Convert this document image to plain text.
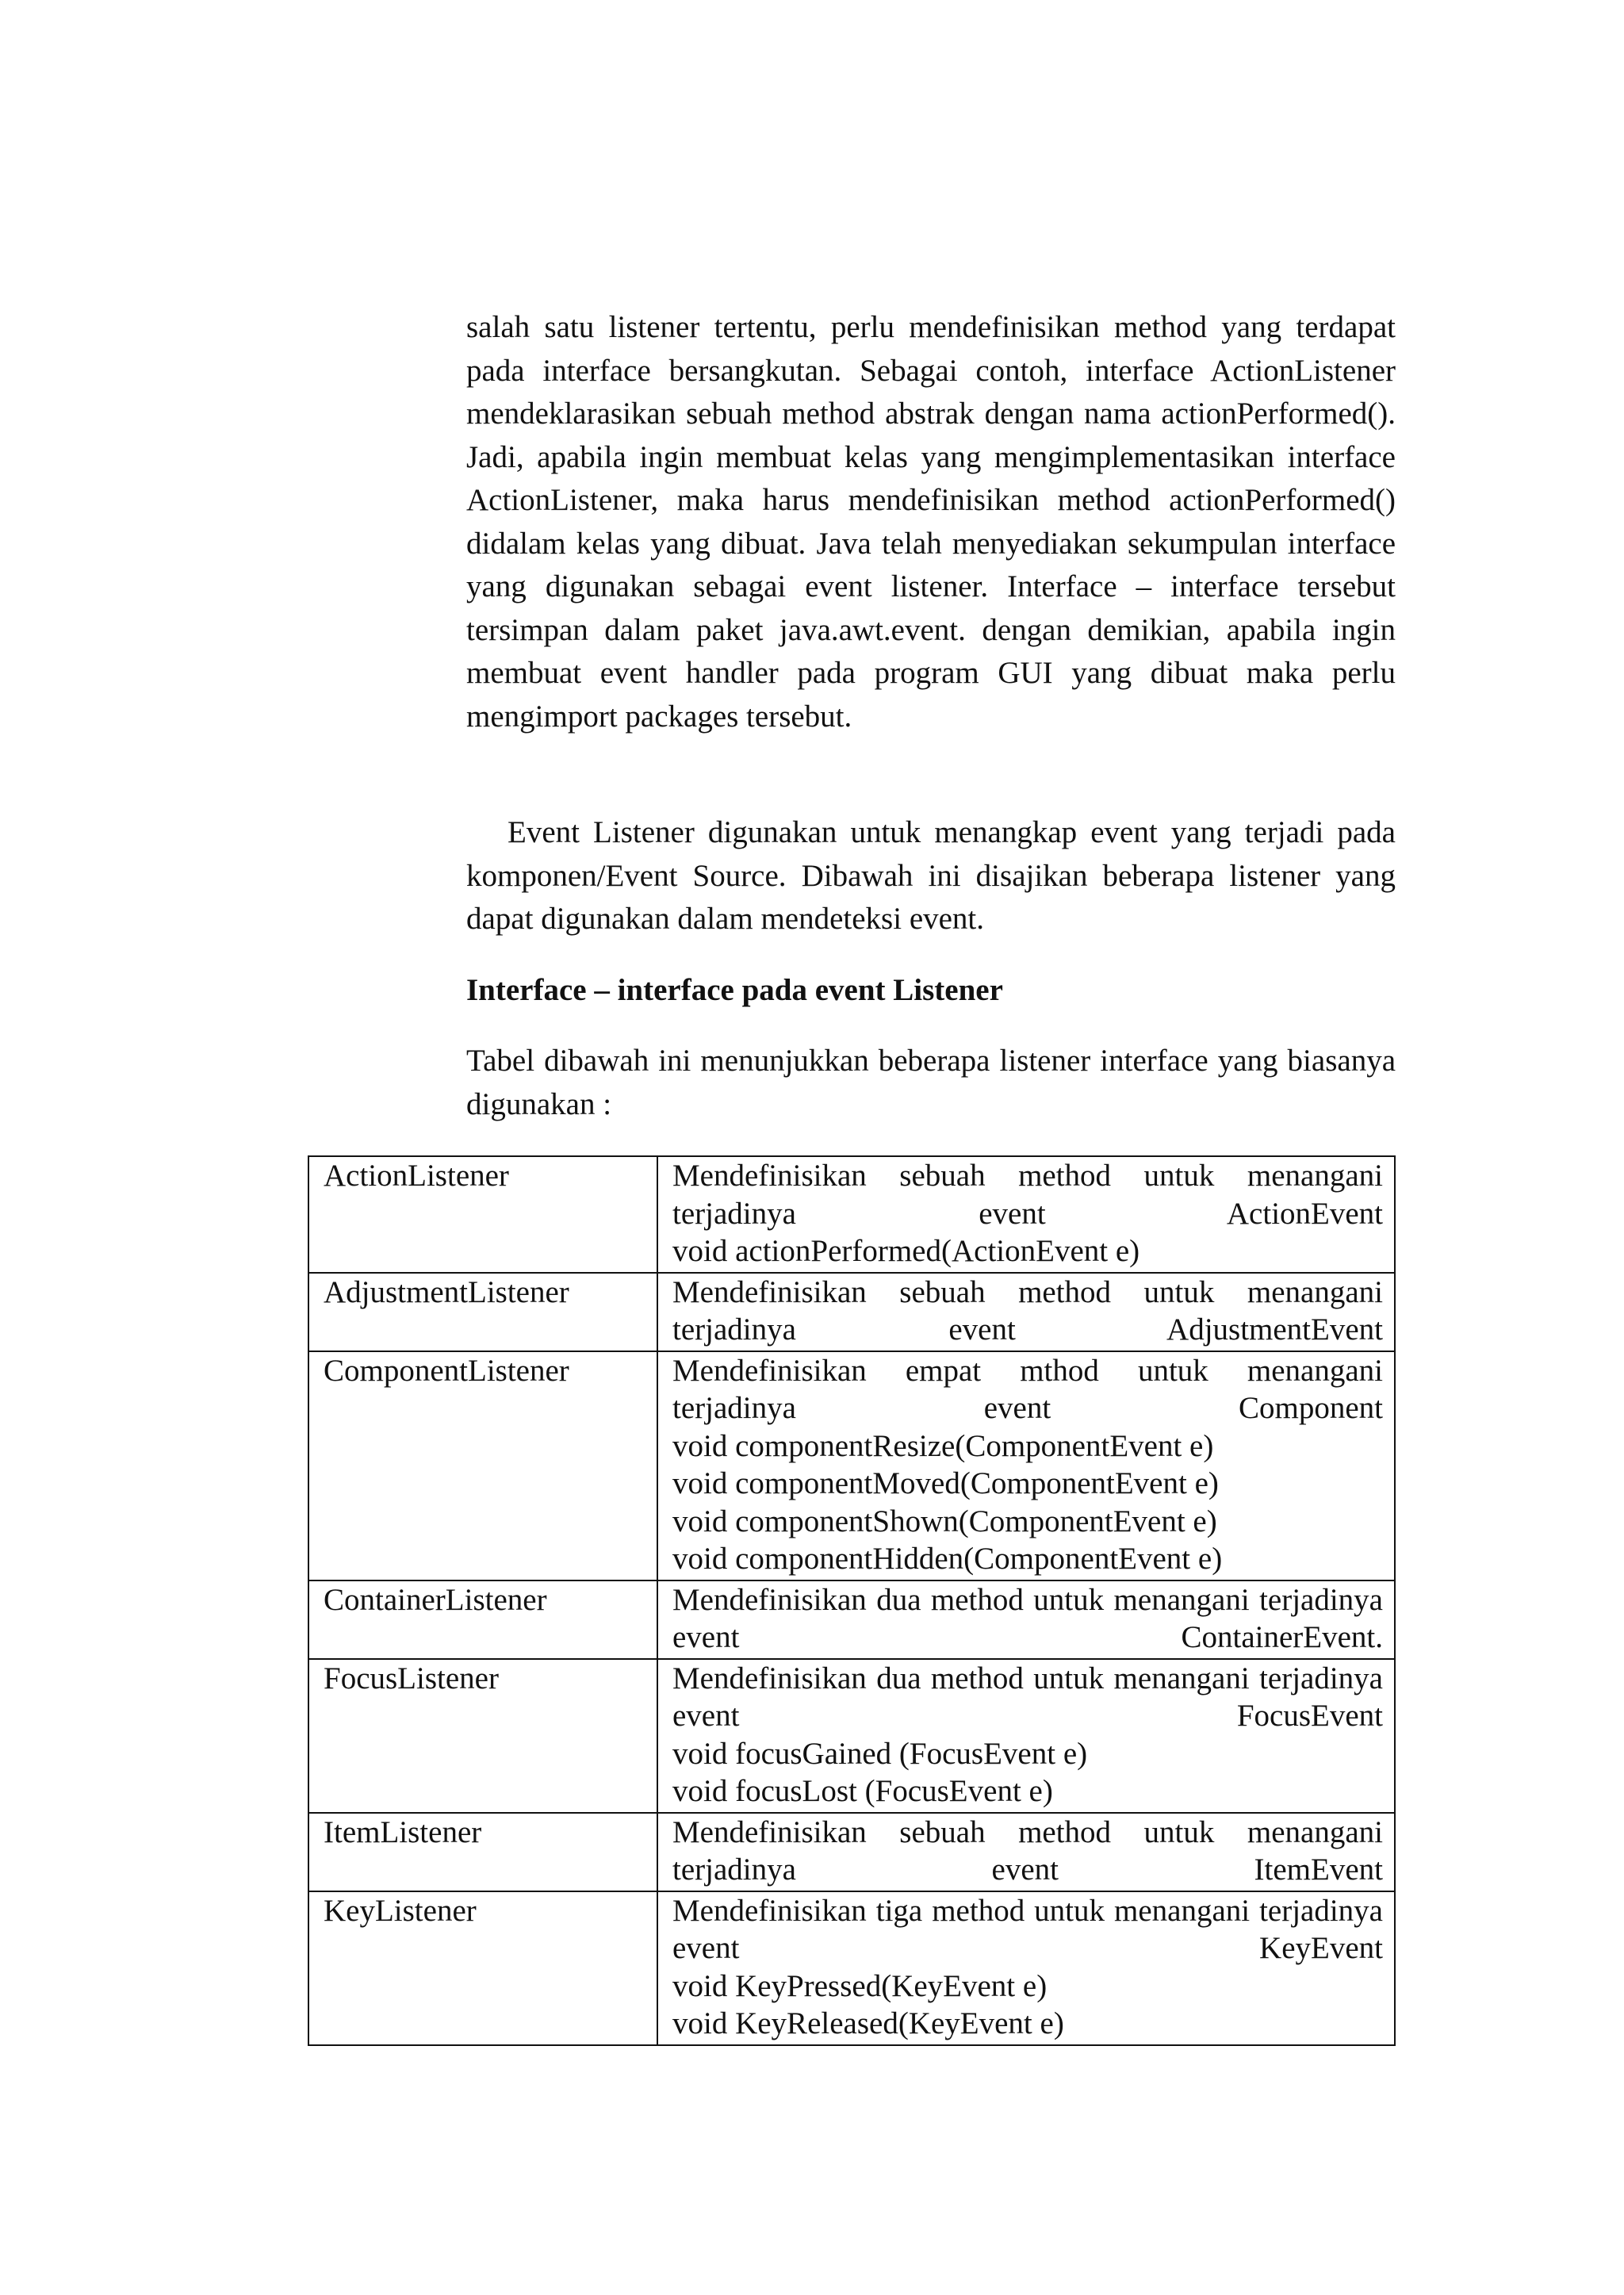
salah satu listener tertentu, perlu mendefinisikan method yang terdapat pada interface bersangkutan. Sebagai contoh, interface ActionListener mendeklarasikan sebuah method abstrak dengan nama actionPerformed(). Jadi, apabila ingin membuat kelas yang mengimplementasikan interface ActionListener, maka harus mendefinisikan method actionPerformed() didalam kelas yang dibuat. Java telah menyediakan sekumpulan interface yang digunakan sebagai event listener. Interface – interface tersebut tersimpan dalam paket java.awt.event. dengan demikian, apabila ingin membuat event handler pada program GUI yang dibuat maka perlu mengimport packages tersebut.

Event Listener digunakan untuk menangkap event yang terjadi pada komponen/Event Source. Dibawah ini disajikan beberapa listener yang dapat digunakan dalam mendeteksi event.

Interface – interface pada event Listener

Tabel dibawah ini menunjukkan beberapa listener interface yang biasanya digunakan :

ActionListener	Mendefinisikan sebuah method untuk menangani terjadinya event ActionEvent
void actionPerformed(ActionEvent e)

AdjustmentListener	Mendefinisikan sebuah method untuk menangani terjadinya event AdjustmentEvent

ComponentListener	Mendefinisikan empat mthod untuk menangani terjadinya event Component
void componentResize(ComponentEvent e)
void componentMoved(ComponentEvent e)
void componentShown(ComponentEvent e)
void componentHidden(ComponentEvent e)

ContainerListener	Mendefinisikan dua method untuk menangani terjadinya event ContainerEvent.

FocusListener	Mendefinisikan dua method untuk menangani terjadinya event FocusEvent
void focusGained (FocusEvent e)
void focusLost (FocusEvent e)

ItemListener	Mendefinisikan sebuah method untuk menangani terjadinya event ItemEvent

KeyListener	Mendefinisikan tiga method untuk menangani terjadinya event KeyEvent
void KeyPressed(KeyEvent e)
void KeyReleased(KeyEvent e)
